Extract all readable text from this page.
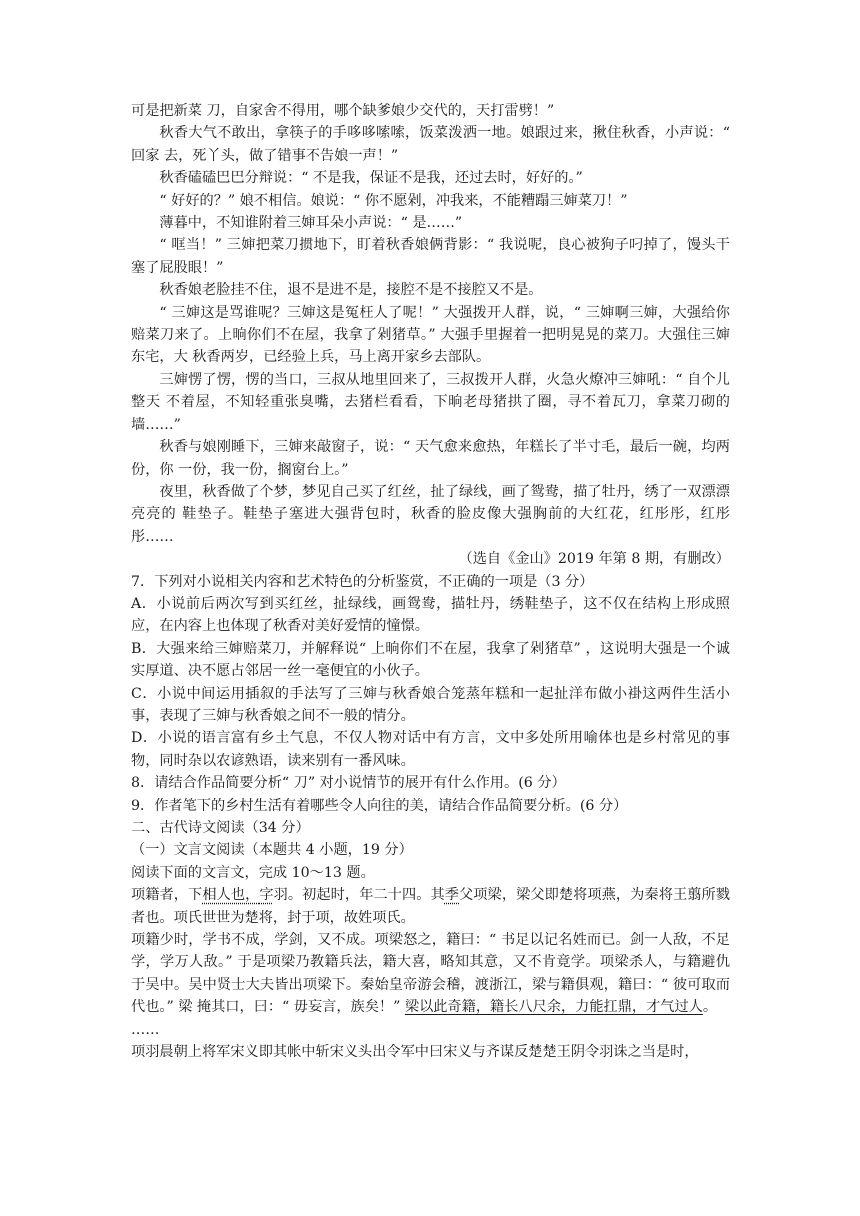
可是把新菜 刀，自家舍不得用，哪个缺爹娘少交代的，天打雷劈！”

秋香大气不敢出，拿筷子的手哆哆嗦嗦，饭菜泼洒一地。娘跟过来，揪住秋香，小声说：“ 回家 去，死丫头，做了错事不告娘一声！”

秋香磕磕巴巴分辩说：“ 不是我，保证不是我，还过去时，好好的。”

“ 好好的？” 娘不相信。娘说：“ 你不愿剁，冲我来，不能糟蹋三婶菜刀！”

薄暮中，不知谁附着三婶耳朵小声说：“ 是……”

“ 哐当！” 三婶把菜刀掼地下，盯着秋香娘俩背影：“ 我说呢，良心被狗子叼掉了，馒头干塞了屁股眼！”

秋香娘老脸挂不住，退不是进不是，接腔不是不接腔又不是。

“ 三婶这是骂谁呢？三婶这是冤枉人了呢！” 大强拨开人群，说，“ 三婶啊三婶，大强给你赔菜刀来了。上晌你们不在屋，我拿了剁猪草。” 大强手里握着一把明晃晃的菜刀。大强住三婶东宅，大 秋香两岁，已经验上兵，马上离开家乡去部队。

三婶愣了愣，愣的当口，三叔从地里回来了，三叔拨开人群，火急火燎冲三婶吼：“ 自个儿整天 不着屋，不知轻重张臭嘴，去猪栏看看，下晌老母猪拱了圈，寻不着瓦刀，拿菜刀砌的墙……”

秋香与娘刚睡下，三婶来敲窗子，说：“ 天气愈来愈热，年糕长了半寸毛，最后一碗，均两份，你 一份，我一份，搁窗台上。”

夜里，秋香做了个梦，梦见自己买了红丝，扯了绿线，画了鸳鸯，描了牡丹，绣了一双漂漂亮亮的 鞋垫子。鞋垫子塞进大强背包时，秋香的脸皮像大强胸前的大红花，红彤彤，红彤彤……

（选自《金山》2019 年第 8 期，有删改）

7．下列对小说相关内容和艺术特色的分析鉴赏，不正确的一项是（3 分）

A．小说前后两次写到买红丝，扯绿线，画鸳鸯，描牡丹，绣鞋垫子，这不仅在结构上形成照应，在内容上也体现了秋香对美好爱情的憧憬。

B．大强来给三婶赔菜刀，并解释说“ 上晌你们不在屋，我拿了剁猪草” ，这说明大强是一个诚实厚道、决不愿占邻居一丝一毫便宜的小伙子。

C．小说中间运用插叙的手法写了三婶与秋香娘合笼蒸年糕和一起扯洋布做小褂这两件生活小事，表现了三婶与秋香娘之间不一般的情分。

D．小说的语言富有乡土气息，不仅人物对话中有方言，文中多处所用喻体也是乡村常见的事物，同时杂以农谚熟语，读来别有一番风味。

8．请结合作品简要分析“ 刀” 对小说情节的展开有什么作用。(6 分）

9．作者笔下的乡村生活有着哪些令人向往的美，请结合作品简要分析。(6 分）

二、古代诗文阅读（34 分）

（一）文言文阅读（本题共 4 小题，19 分）

阅读下面的文言文，完成 10～13 题。

项籍者，下相人也，字羽。初起时，年二十四。其季父项梁，梁父即楚将项燕，为秦将王翦所戮 者也。项氏世世为楚将，封于项，故姓项氏。

项籍少时，学书不成，学剑，又不成。项梁怒之，籍曰：“ 书足以记名姓而已。剑一人敌，不足学，学万人敌。” 于是项梁乃教籍兵法，籍大喜，略知其意，又不肯竟学。项梁杀人，与籍避仇于吴中。吴中贤士大夫皆出项梁下。秦始皇帝游会稽，渡浙江，梁与籍俱观，籍曰：“ 彼可取而代也。” 梁 掩其口，曰：“ 毋妄言，族矣！” 梁以此奇籍，籍长八尺余，力能扛鼎，才气过人。

……

项羽晨朝上将军宋义即其帐中斩宋义头出令军中曰宋义与齐谋反楚楚王阴令羽诛之当是时，
